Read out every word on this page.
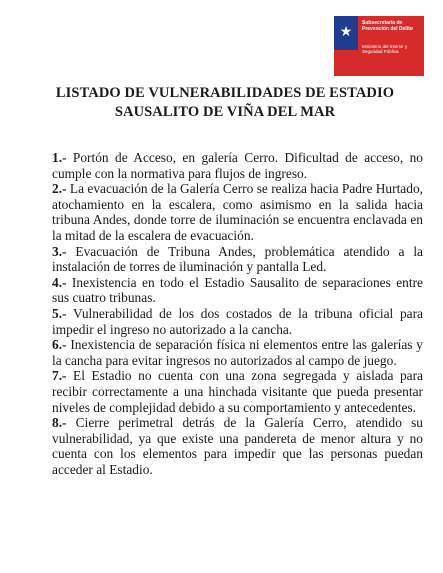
★
Subsecretaría de Prevención del Delito
Ministerio del Interior y Seguridad Pública
LISTADO DE VULNERABILIDADES DE ESTADIO
SAUSALITO DE VIÑA DEL MAR

1.- Portón de Acceso, en galería Cerro. Dificultad de acceso, no cumple con la normativa para flujos de ingreso.

2.- La evacuación de la Galería Cerro se realiza hacia Padre Hurtado, atochamiento en la escalera, como asimismo en la salida hacia tribuna Andes, donde torre de iluminación se encuentra enclavada en la mitad de la escalera de evacuación.

3.- Evacuación de Tribuna Andes, problemática atendido a la instalación de torres de iluminación y pantalla Led.

4.- Inexistencia en todo el Estadio Sausalito de separaciones entre sus cuatro tribunas.

5.- Vulnerabilidad de los dos costados de la tribuna oficial para impedir el ingreso no autorizado a la cancha.

6.- Inexistencia de separación física ni elementos entre las galerías y la cancha para evitar ingresos no autorizados al campo de juego.

7.- El Estadio no cuenta con una zona segregada y aislada para recibir correctamente a una hinchada visitante que pueda presentar niveles de complejidad debido a su comportamiento y antecedentes.

8.- Cierre perimetral detrás de la Galería Cerro, atendido su vulnerabilidad, ya que existe una pandereta de menor altura y no cuenta con los elementos para impedir que las personas puedan acceder al Estadio.
